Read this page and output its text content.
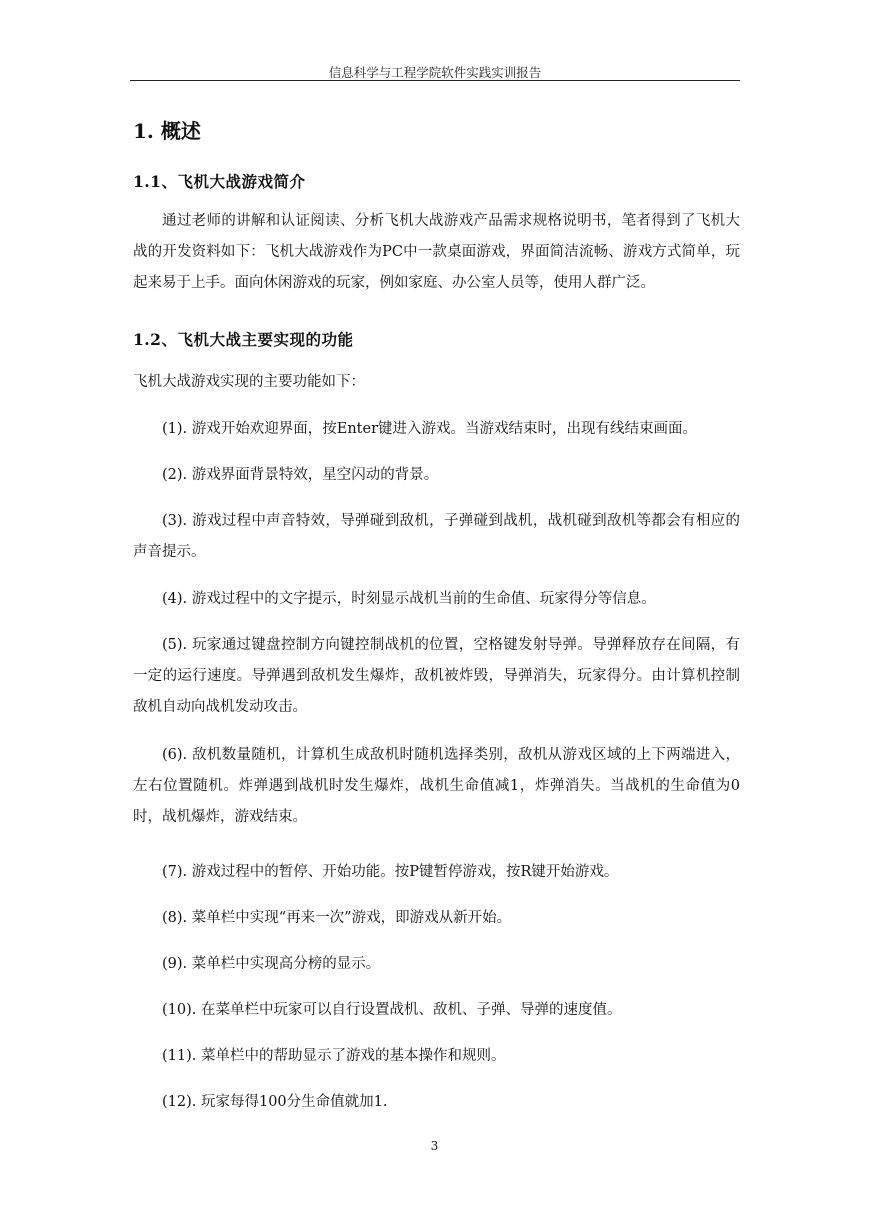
信息科学与工程学院软件实践实训报告
1. 概述
1.1、飞机大战游戏简介
通过老师的讲解和认证阅读、分析飞机大战游戏产品需求规格说明书，笔者得到了飞机大战的开发资料如下：飞机大战游戏作为PC中一款桌面游戏，界面简洁流畅、游戏方式简单，玩起来易于上手。面向休闲游戏的玩家，例如家庭、办公室人员等，使用人群广泛。
1.2、飞机大战主要实现的功能
飞机大战游戏实现的主要功能如下：
(1). 游戏开始欢迎界面，按Enter键进入游戏。当游戏结束时，出现有线结束画面。
(2). 游戏界面背景特效，星空闪动的背景。
(3). 游戏过程中声音特效，导弹碰到敌机，子弹碰到战机，战机碰到敌机等都会有相应的声音提示。
(4). 游戏过程中的文字提示，时刻显示战机当前的生命值、玩家得分等信息。
(5). 玩家通过键盘控制方向键控制战机的位置，空格键发射导弹。导弹释放存在间隔，有一定的运行速度。导弹遇到敌机发生爆炸，敌机被炸毁，导弹消失，玩家得分。由计算机控制敌机自动向战机发动攻击。
(6). 敌机数量随机，计算机生成敌机时随机选择类别，敌机从游戏区域的上下两端进入，左右位置随机。炸弹遇到战机时发生爆炸，战机生命值减1，炸弹消失。当战机的生命值为0时，战机爆炸，游戏结束。
(7). 游戏过程中的暂停、开始功能。按P键暂停游戏，按R键开始游戏。
(8). 菜单栏中实现“再来一次”游戏，即游戏从新开始。
(9). 菜单栏中实现高分榜的显示。
(10). 在菜单栏中玩家可以自行设置战机、敌机、子弹、导弹的速度值。
(11). 菜单栏中的帮助显示了游戏的基本操作和规则。
(12). 玩家每得100分生命值就加1.
3
